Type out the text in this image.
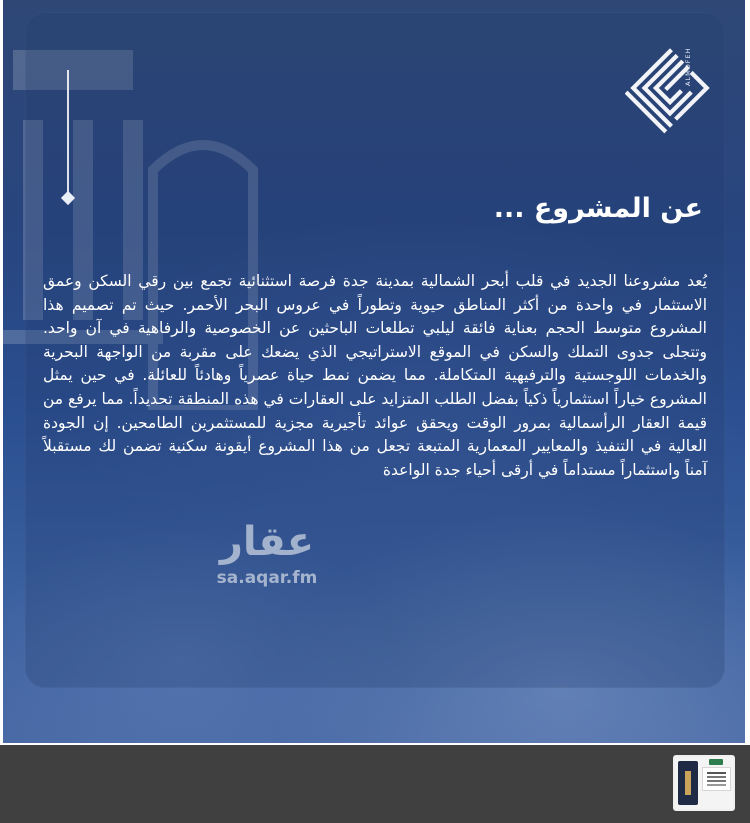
ALMOFEH
عن المشروع ...

يُعد مشروعنا الجديد في قلب أبحر الشمالية بمدينة جدة فرصة استثنائية تجمع بين رقي السكن وعمق الاستثمار في واحدة من أكثر المناطق حيوية وتطوراً في عروس البحر الأحمر. حيث تم تصميم هذا المشروع متوسط الحجم بعناية فائقة ليلبي تطلعات الباحثين عن الخصوصية والرفاهية في آن واحد. وتتجلى جدوى التملك والسكن في الموقع الاستراتيجي الذي يضعك على مقربة من الواجهة البحرية والخدمات اللوجستية والترفيهية المتكاملة. مما يضمن نمط حياة عصرياً وهادئاً للعائلة. في حين يمثل المشروع خياراً استثمارياً ذكياً بفضل الطلب المتزايد على العقارات في هذه المنطقة تحديداً. مما يرفع من قيمة العقار الرأسمالية بمرور الوقت ويحقق عوائد تأجيرية مجزية للمستثمرين الطامحين. إن الجودة العالية في التنفيذ والمعايير المعمارية المتبعة تجعل من هذا المشروع أيقونة سكنية تضمن لك مستقبلاً آمناً واستثماراً مستداماً في أرقى أحياء جدة الواعدة

عقار
sa.aqar.fm
